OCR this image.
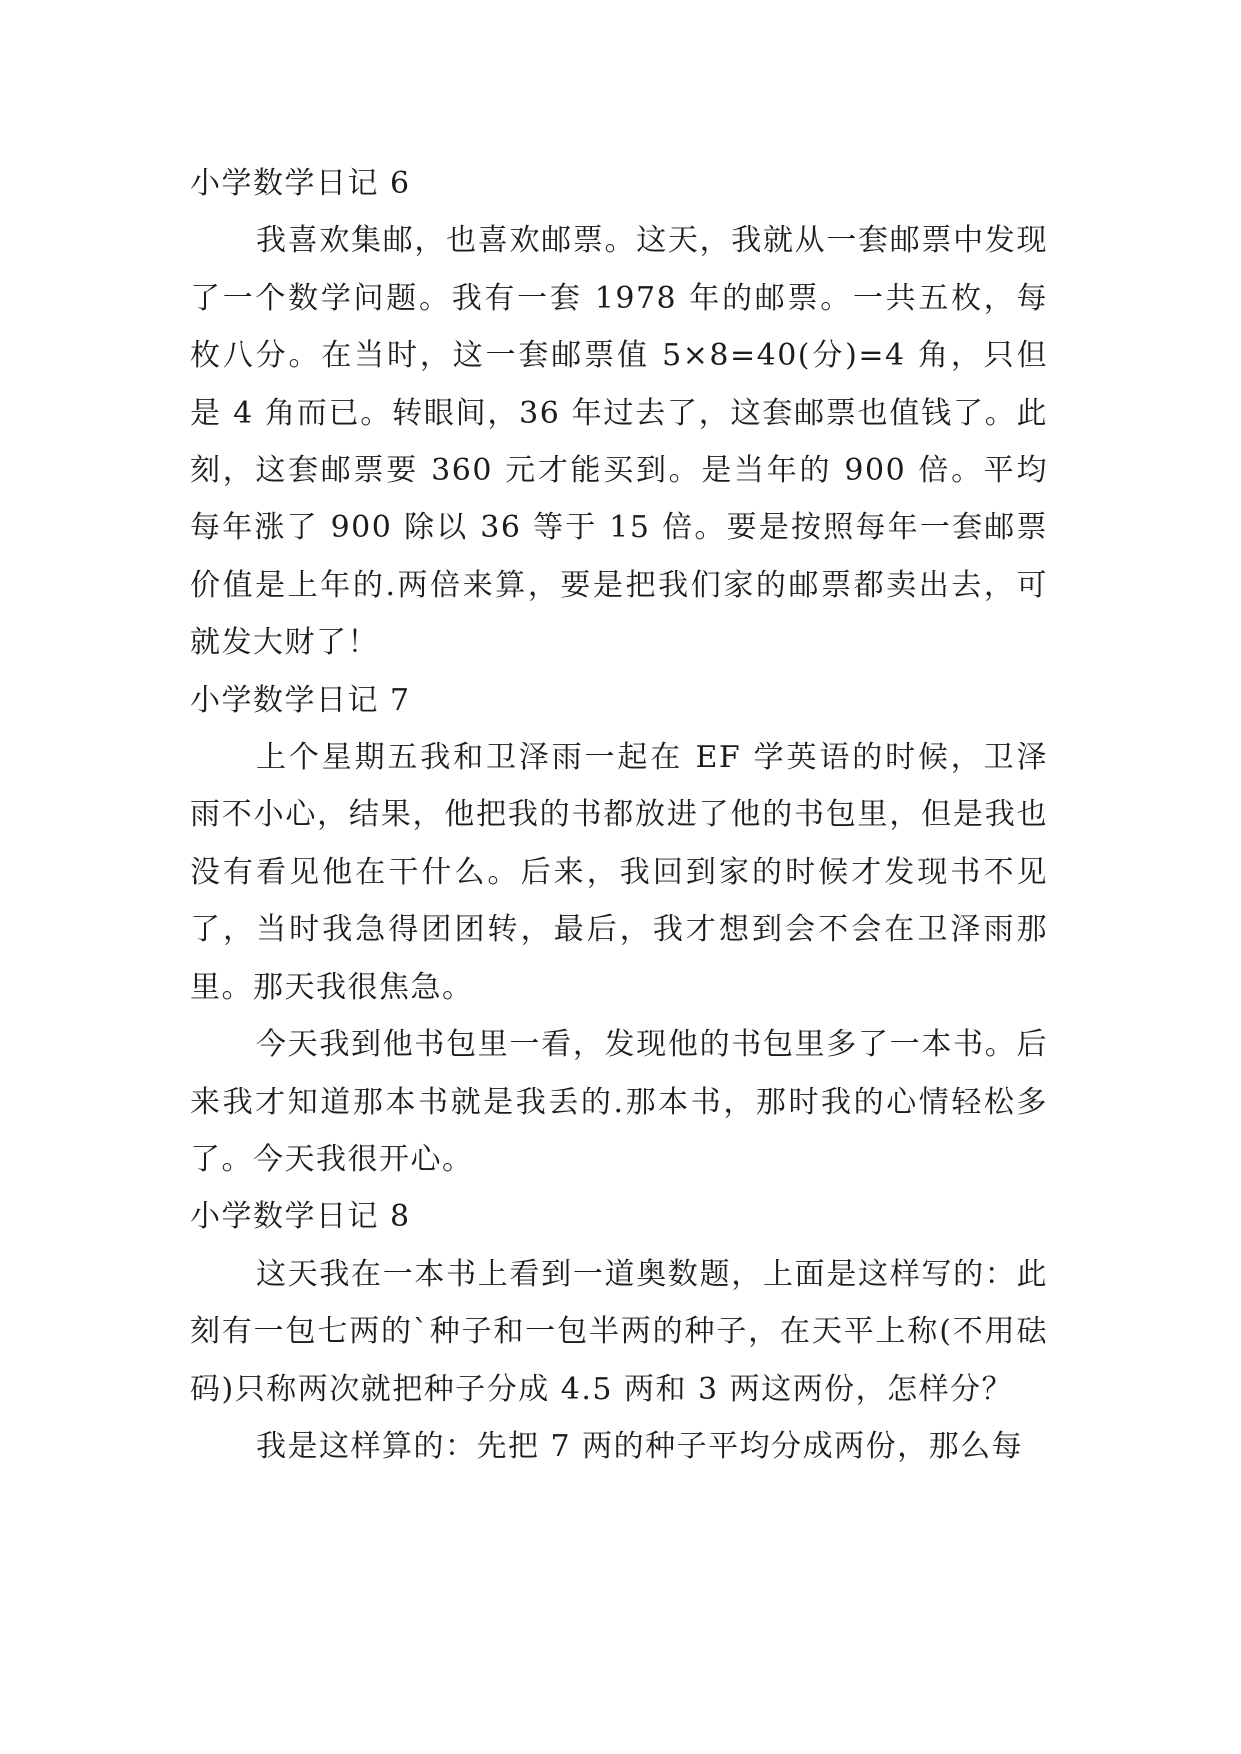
小学数学日记 6

我喜欢集邮，也喜欢邮票。这天，我就从一套邮票中发现了一个数学问题。我有一套 1978 年的邮票。一共五枚，每枚八分。在当时，这一套邮票值 5×8=40(分)=4 角，只但是 4 角而已。转眼间，36 年过去了，这套邮票也值钱了。此刻，这套邮票要 360 元才能买到。是当年的 900 倍。平均每年涨了 900 除以 36 等于 15 倍。要是按照每年一套邮票价值是上年的.两倍来算，要是把我们家的邮票都卖出去，可就发大财了！

小学数学日记 7

上个星期五我和卫泽雨一起在 EF 学英语的时候，卫泽雨不小心，结果，他把我的书都放进了他的书包里，但是我也没有看见他在干什么。后来，我回到家的时候才发现书不见了，当时我急得团团转，最后，我才想到会不会在卫泽雨那里。那天我很焦急。

今天我到他书包里一看，发现他的书包里多了一本书。后来我才知道那本书就是我丢的.那本书，那时我的心情轻松多了。今天我很开心。

小学数学日记 8

这天我在一本书上看到一道奥数题，上面是这样写的：此刻有一包七两的`种子和一包半两的种子，在天平上称(不用砝码)只称两次就把种子分成 4.5 两和 3 两这两份，怎样分？

我是这样算的：先把 7 两的种子平均分成两份，那么每
